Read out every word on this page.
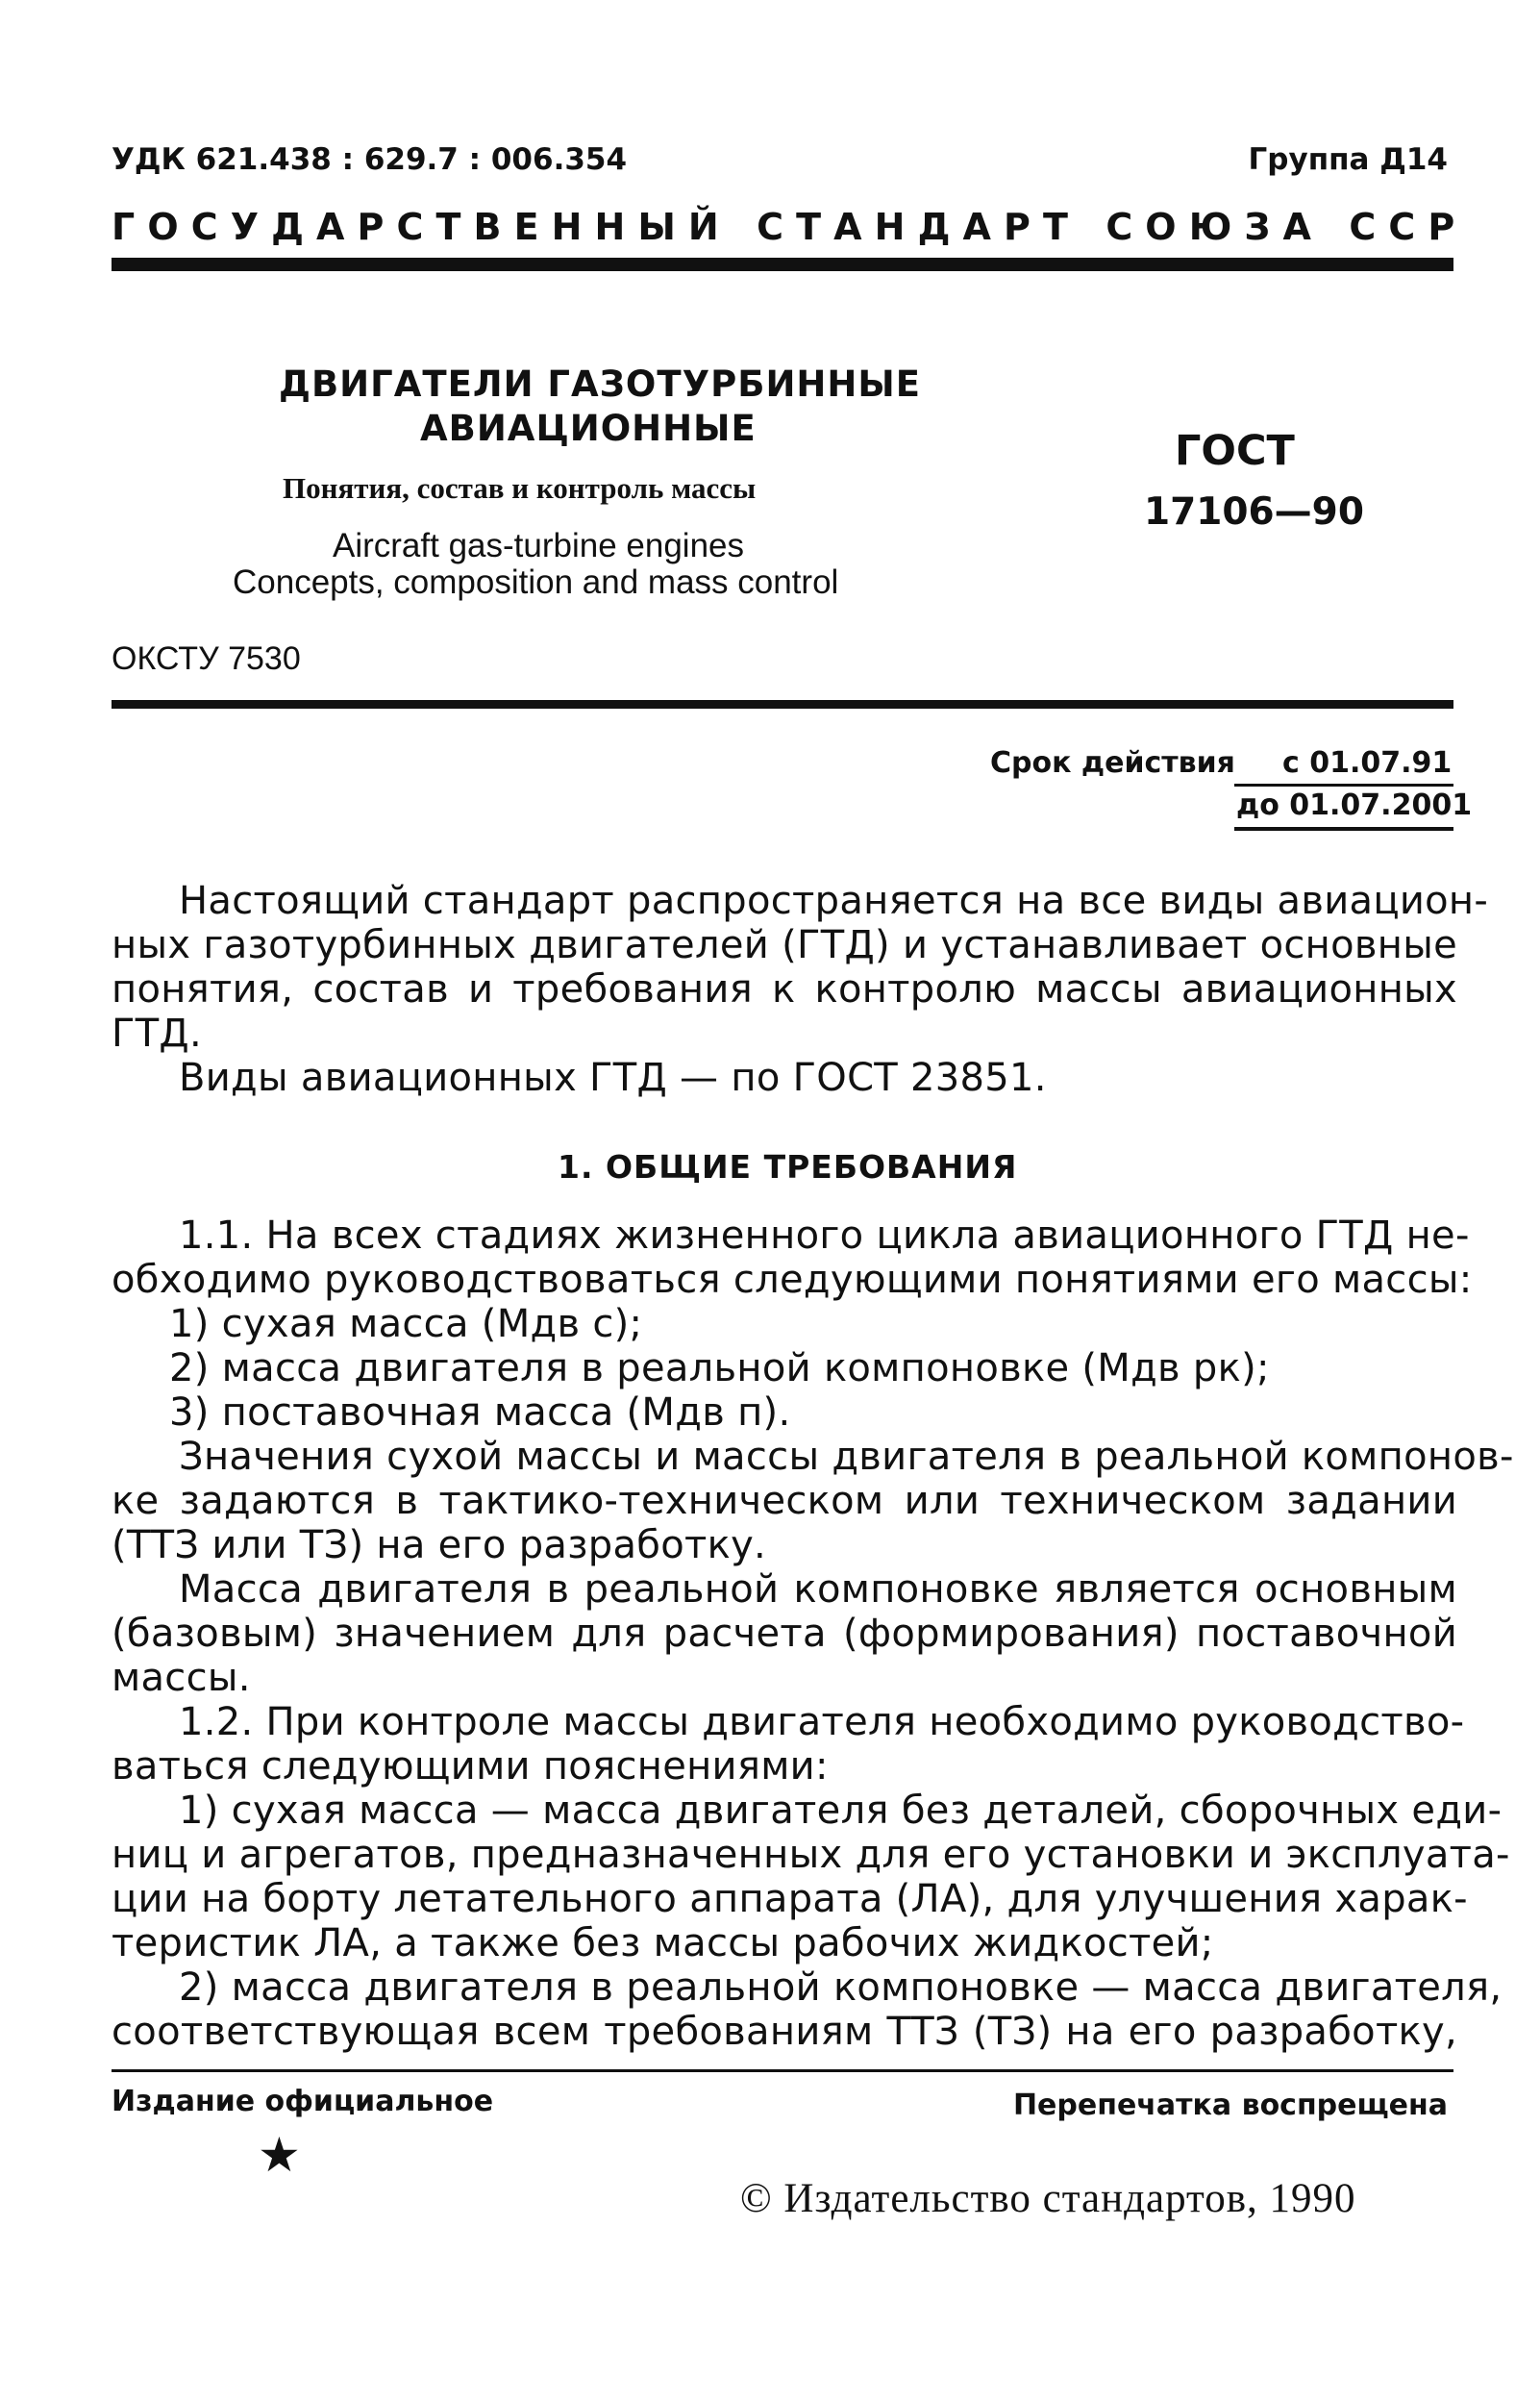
УДК 621.438 : 629.7 : 006.354	Группа Д14
ГОСУДАРСТВЕННЫЙ СТАНДАРТ СОЮЗА ССР
ДВИГАТЕЛИ ГАЗОТУРБИННЫЕ
АВИАЦИОННЫЕ
Понятия, состав и контроль массы
Aircraft gas-turbine engines
Concepts, composition and mass control
ГОСТ
17106—90
ОКСТУ 7530
Срок действия с 01.07.91
до 01.07.2001
Настоящий стандарт распространяется на все виды авиацион-
ных газотурбинных двигателей (ГТД) и устанавливает основные
понятия, состав и требования к контролю массы авиационных
ГТД.
Виды авиационных ГТД — по ГОСТ 23851.
1. ОБЩИЕ ТРЕБОВАНИЯ
1.1. На всех стадиях жизненного цикла авиационного ГТД не-
обходимо руководствоваться следующими понятиями его массы:
1) сухая масса (Mдв с);
2) масса двигателя в реальной компоновке (Mдв рк);
3) поставочная масса (Mдв п).
Значения сухой массы и массы двигателя в реальной компонов-
ке задаются в тактико-техническом или техническом задании
(ТТЗ или ТЗ) на его разработку.
Масса двигателя в реальной компоновке является основным
(базовым) значением для расчета (формирования) поставочной
массы.
1.2. При контроле массы двигателя необходимо руководство-
ваться следующими пояснениями:
1) сухая масса — масса двигателя без деталей, сборочных еди-
ниц и агрегатов, предназначенных для его установки и эксплуата-
ции на борту летательного аппарата (ЛА), для улучшения харак-
теристик ЛА, а также без массы рабочих жидкостей;
2) масса двигателя в реальной компоновке — масса двигателя,
соответствующая всем требованиям ТТЗ (ТЗ) на его разработку,
Издание официальное	Перепечатка воспрещена
★
© Издательство стандартов, 1990
